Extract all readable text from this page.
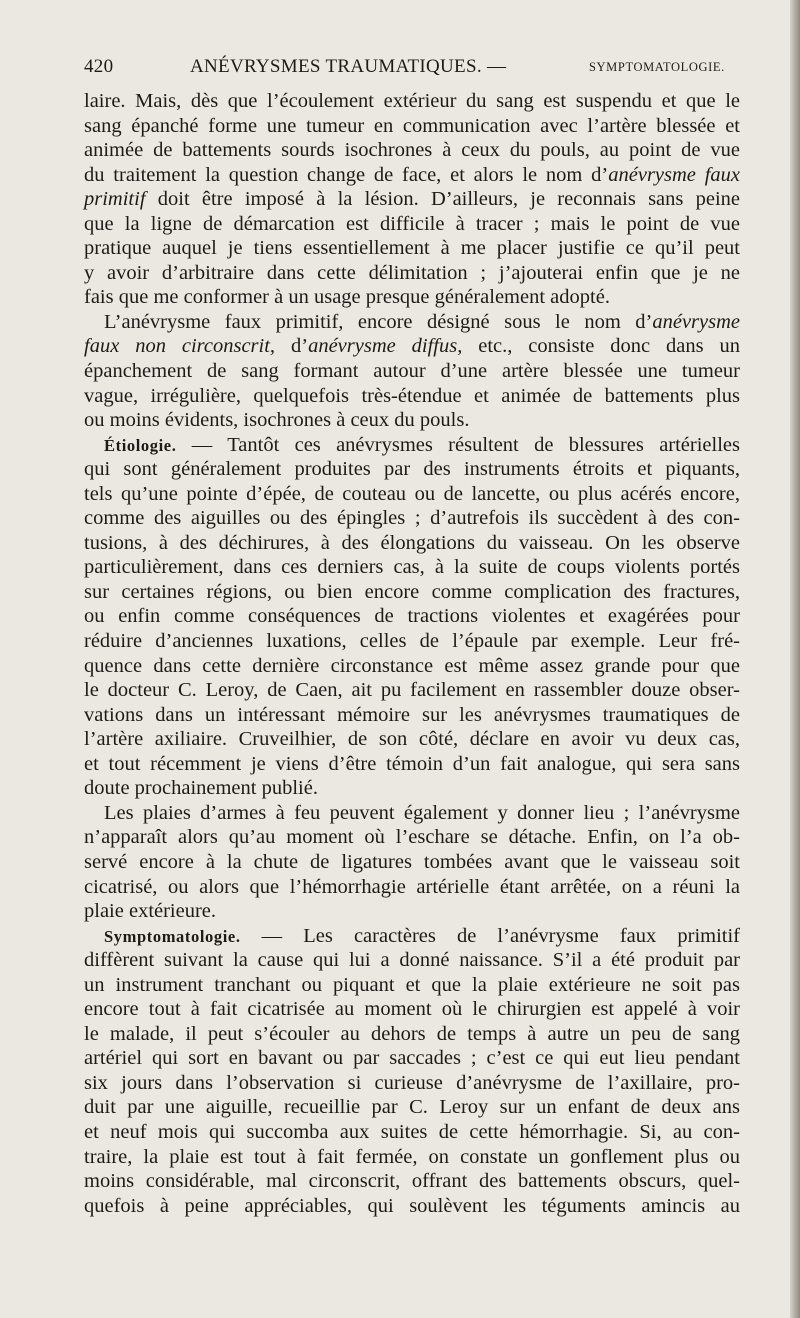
420	ANÉVRYSMES TRAUMATIQUES. —	SYMPTOMATOLOGIE.
laire. Mais, dès que l’écoulement extérieur du sang est suspendu et que le
sang épanché forme une tumeur en communication avec l’artère blessée et
animée de battements sourds isochrones à ceux du pouls, au point de vue
du traitement la question change de face, et alors le nom d’anévrysme faux
primitif doit être imposé à la lésion. D’ailleurs, je reconnais sans peine
que la ligne de démarcation est difficile à tracer ; mais le point de vue
pratique auquel je tiens essentiellement à me placer justifie ce qu’il peut
y avoir d’arbitraire dans cette délimitation ; j’ajouterai enfin que je ne
fais que me conformer à un usage presque généralement adopté.
L’anévrysme faux primitif, encore désigné sous le nom d’anévrysme
faux non circonscrit, d’anévrysme diffus, etc., consiste donc dans un
épanchement de sang formant autour d’une artère blessée une tumeur
vague, irrégulière, quelquefois très-étendue et animée de battements plus
ou moins évidents, isochrones à ceux du pouls.
Étiologie. — Tantôt ces anévrysmes résultent de blessures artérielles
qui sont généralement produites par des instruments étroits et piquants,
tels qu’une pointe d’épée, de couteau ou de lancette, ou plus acérés encore,
comme des aiguilles ou des épingles ; d’autrefois ils succèdent à des con-
tusions, à des déchirures, à des élongations du vaisseau. On les observe
particulièrement, dans ces derniers cas, à la suite de coups violents portés
sur certaines régions, ou bien encore comme complication des fractures,
ou enfin comme conséquences de tractions violentes et exagérées pour
réduire d’anciennes luxations, celles de l’épaule par exemple. Leur fré-
quence dans cette dernière circonstance est même assez grande pour que
le docteur C. Leroy, de Caen, ait pu facilement en rassembler douze obser-
vations dans un intéressant mémoire sur les anévrysmes traumatiques de
l’artère axiliaire. Cruveilhier, de son côté, déclare en avoir vu deux cas,
et tout récemment je viens d’être témoin d’un fait analogue, qui sera sans
doute prochainement publié.
Les plaies d’armes à feu peuvent également y donner lieu ; l’anévrysme
n’apparaît alors qu’au moment où l’eschare se détache. Enfin, on l’a ob-
servé encore à la chute de ligatures tombées avant que le vaisseau soit
cicatrisé, ou alors que l’hémorrhagie artérielle étant arrêtée, on a réuni la
plaie extérieure.
Symptomatologie. — Les caractères de l’anévrysme faux primitif
diffèrent suivant la cause qui lui a donné naissance. S’il a été produit par
un instrument tranchant ou piquant et que la plaie extérieure ne soit pas
encore tout à fait cicatrisée au moment où le chirurgien est appelé à voir
le malade, il peut s’écouler au dehors de temps à autre un peu de sang
artériel qui sort en bavant ou par saccades ; c’est ce qui eut lieu pendant
six jours dans l’observation si curieuse d’anévrysme de l’axillaire, pro-
duit par une aiguille, recueillie par C. Leroy sur un enfant de deux ans
et neuf mois qui succomba aux suites de cette hémorrhagie. Si, au con-
traire, la plaie est tout à fait fermée, on constate un gonflement plus ou
moins considérable, mal circonscrit, offrant des battements obscurs, quel-
quefois à peine appréciables, qui soulèvent les téguments amincis au
